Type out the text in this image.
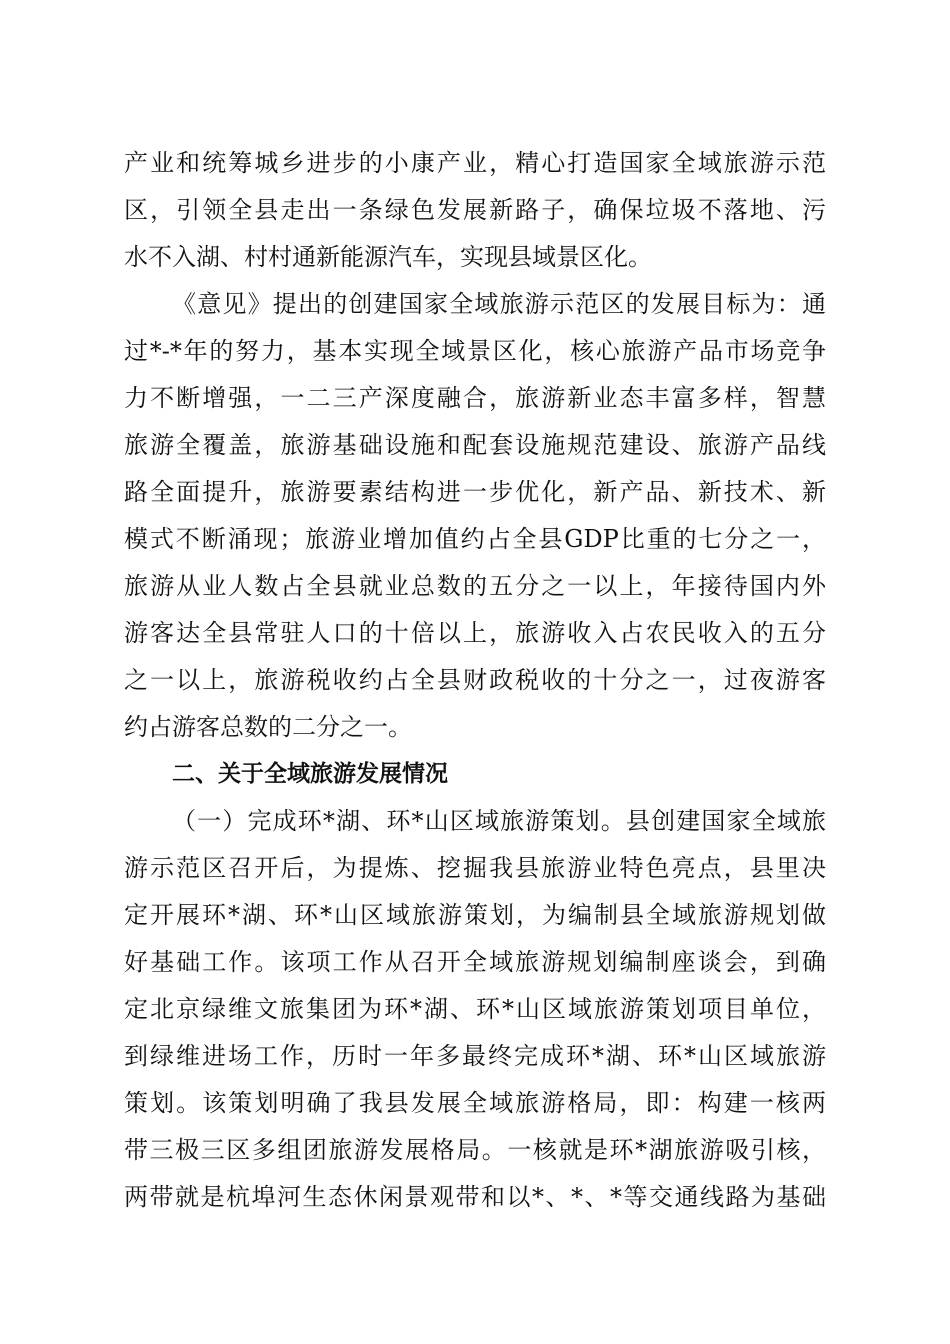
产业和统筹城乡进步的小康产业，精心打造国家全域旅游示范
区，引领全县走出一条绿色发展新路子，确保垃圾不落地、污
水不入湖、村村通新能源汽车，实现县域景区化。
《意见》提出的创建国家全域旅游示范区的发展目标为：通
过*-*年的努力，基本实现全域景区化，核心旅游产品市场竞争
力不断增强，一二三产深度融合，旅游新业态丰富多样，智慧
旅游全覆盖，旅游基础设施和配套设施规范建设、旅游产品线
路全面提升，旅游要素结构进一步优化，新产品、新技术、新
模式不断涌现；旅游业增加值约占全县GDP比重的七分之一，
旅游从业人数占全县就业总数的五分之一以上，年接待国内外
游客达全县常驻人口的十倍以上，旅游收入占农民收入的五分
之一以上，旅游税收约占全县财政税收的十分之一，过夜游客
约占游客总数的二分之一。
二、关于全域旅游发展情况
（一）完成环*湖、环*山区域旅游策划。县创建国家全域旅
游示范区召开后，为提炼、挖掘我县旅游业特色亮点，县里决
定开展环*湖、环*山区域旅游策划，为编制县全域旅游规划做
好基础工作。该项工作从召开全域旅游规划编制座谈会，到确
定北京绿维文旅集团为环*湖、环*山区域旅游策划项目单位，
到绿维进场工作，历时一年多最终完成环*湖、环*山区域旅游
策划。该策划明确了我县发展全域旅游格局，即：构建一核两
带三极三区多组团旅游发展格局。一核就是环*湖旅游吸引核，
两带就是杭埠河生态休闲景观带和以*、*、*等交通线路为基础
